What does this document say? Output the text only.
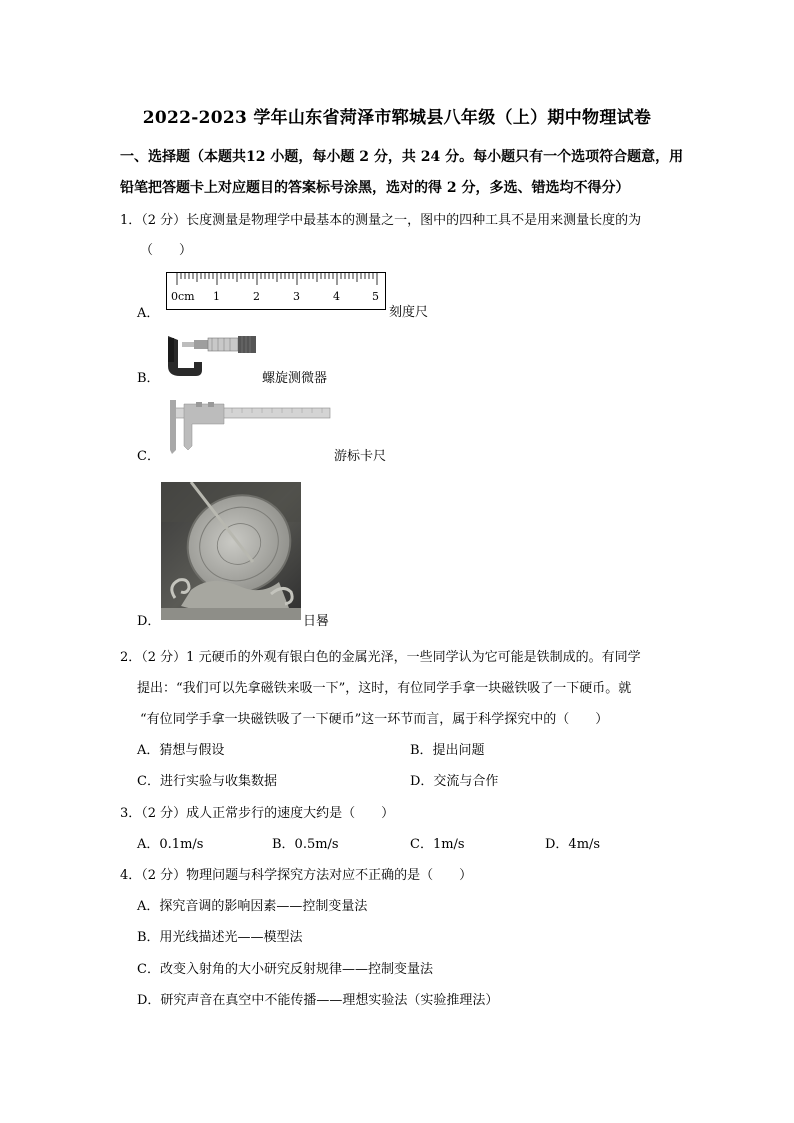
2022-2023 学年山东省菏泽市郓城县八年级（上）期中物理试卷
一、选择题（本题共12 小题，每小题 2 分，共 24 分。每小题只有一个选项符合题意，用
铅笔把答题卡上对应题目的答案标号涂黑，选对的得 2 分，多选、错选均不得分）
1．（2 分）长度测量是物理学中最基本的测量之一，图中的四种工具不是用来测量长度的为
（　　）
A．
0cm 1	2	3	4	5
刻度尺
B．	螺旋测微器
C．	游标卡尺
D．	日晷
2．（2 分）1 元硬币的外观有银白色的金属光泽，一些同学认为它可能是铁制成的。有同学
提出：“我们可以先拿磁铁来吸一下”，这时，有位同学手拿一块磁铁吸了一下硬币。就
“有位同学手拿一块磁铁吸了一下硬币”这一环节而言，属于科学探究中的（　　）
A．猜想与假设	B．提出问题
C．进行实验与收集数据	D．交流与合作
3．（2 分）成人正常步行的速度大约是（　　）
A．0.1m/s	B．0.5m/s	C．1m/s	D．4m/s
4．（2 分）物理问题与科学探究方法对应不正确的是（　　）
A．探究音调的影响因素——控制变量法
B．用光线描述光——模型法
C．改变入射角的大小研究反射规律——控制变量法
D．研究声音在真空中不能传播——理想实验法（实验推理法）
